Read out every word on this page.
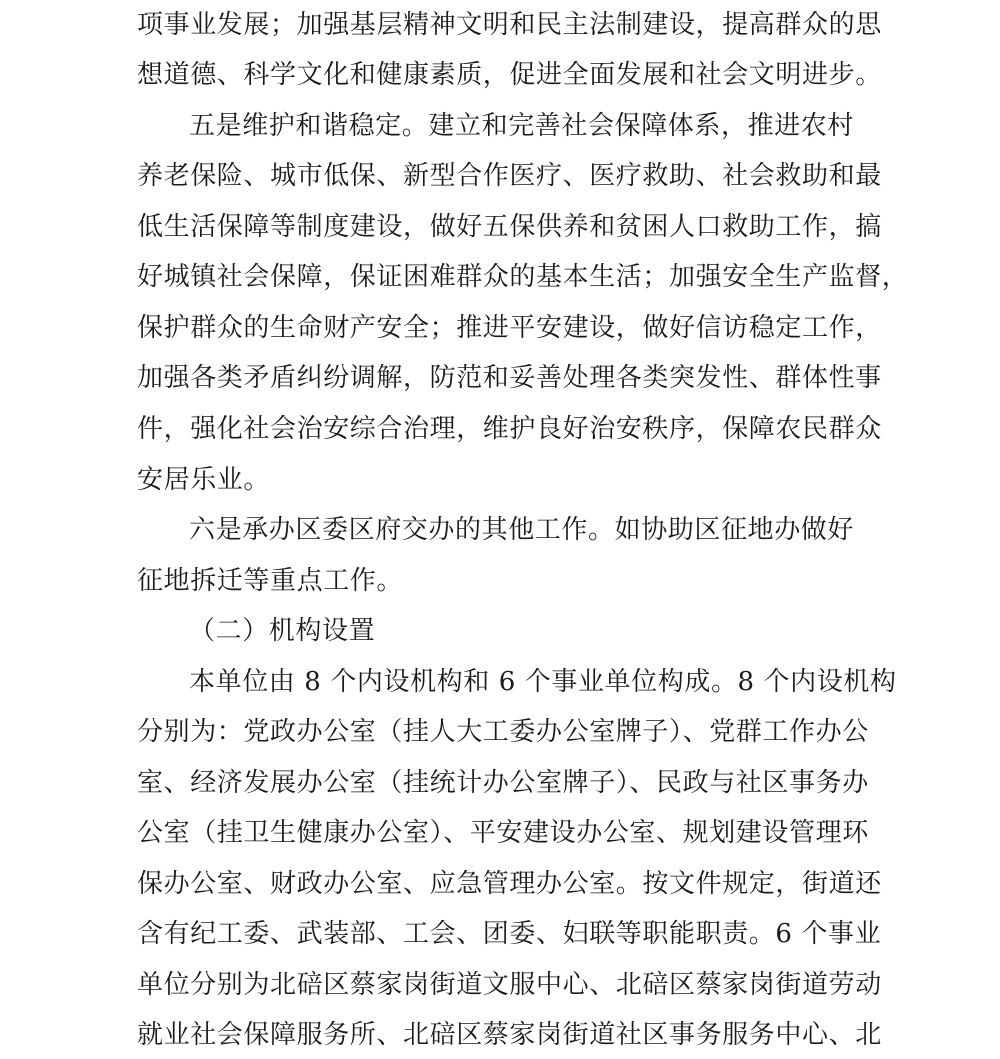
项事业发展；加强基层精神文明和民主法制建设，提高群众的思
想道德、科学文化和健康素质，促进全面发展和社会文明进步。
五是维护和谐稳定。建立和完善社会保障体系，推进农村
养老保险、城市低保、新型合作医疗、医疗救助、社会救助和最
低生活保障等制度建设，做好五保供养和贫困人口救助工作，搞
好城镇社会保障，保证困难群众的基本生活；加强安全生产监督，
保护群众的生命财产安全；推进平安建设，做好信访稳定工作，
加强各类矛盾纠纷调解，防范和妥善处理各类突发性、群体性事
件，强化社会治安综合治理，维护良好治安秩序，保障农民群众
安居乐业。
六是承办区委区府交办的其他工作。如协助区征地办做好
征地拆迁等重点工作。
（二）机构设置
本单位由 8 个内设机构和 6 个事业单位构成。8 个内设机构
分别为：党政办公室（挂人大工委办公室牌子）、党群工作办公
室、经济发展办公室（挂统计办公室牌子）、民政与社区事务办
公室（挂卫生健康办公室）、平安建设办公室、规划建设管理环
保办公室、财政办公室、应急管理办公室。按文件规定，街道还
含有纪工委、武装部、工会、团委、妇联等职能职责。6 个事业
单位分别为北碚区蔡家岗街道文服中心、北碚区蔡家岗街道劳动
就业社会保障服务所、北碚区蔡家岗街道社区事务服务中心、北
